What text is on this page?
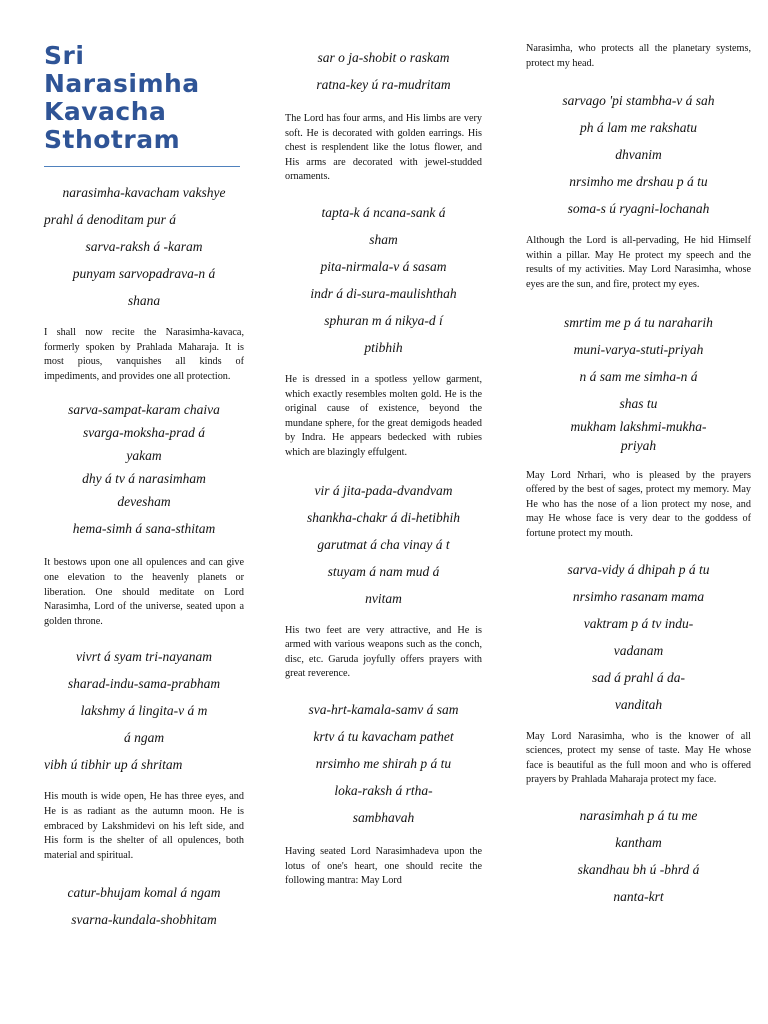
Sri Narasimha Kavacha Sthotram
narasimha-kavacham vakshye
prahl á denoditam pur á
sarva-raksh á -karam
punyam sarvopadrava-n á
shana

I shall now recite the Narasimha-kavaca, formerly spoken by Prahlada Maharaja. It is most pious, vanquishes all kinds of impediments, and provides one all protection.

sarva-sampat-karam chaiva
svarga-moksha-prad á
yakam
dhy á tv á narasimham
devesham
hema-simh á sana-sthitam

It bestows upon one all opulences and can give one elevation to the heavenly planets or liberation. One should meditate on Lord Narasimha, Lord of the universe, seated upon a golden throne.

vivrt á syam tri-nayanam
sharad-indu-sama-prabham
lakshmy á lingita-v á m
á ngam
vibh ú tibhir up á shritam

His mouth is wide open, He has three eyes, and He is as radiant as the autumn moon. He is embraced by Lakshmidevi on his left side, and His form is the shelter of all opulences, both material and spiritual.

catur-bhujam komal á ngam
svarna-kundala-shobhitam
sar o ja-shobit o raskam
ratna-key ú ra-mudritam

The Lord has four arms, and His limbs are very soft. He is decorated with golden earrings. His chest is resplendent like the lotus flower, and His arms are decorated with jewel-studded ornaments.

tapta-k á ncana-sank á
sham
pita-nirmala-v á sasam
indr á di-sura-maulishthah
sphuran m á nikya-d í
ptibhih

He is dressed in a spotless yellow garment, which exactly resembles molten gold. He is the original cause of existence, beyond the mundane sphere, for the great demigods headed by Indra. He appears bedecked with rubies which are blazingly effulgent.

vir á jita-pada-dvandvam
shankha-chakr á di-hetibhih
garutmat á cha vinay á t
stuyam á nam mud á
nvitam

His two feet are very attractive, and He is armed with various weapons such as the conch, disc, etc. Garuda joyfully offers prayers with great reverence.

sva-hrt-kamala-samv á sam
krtv á tu kavacham pathet
nrsimho me shirah p á tu
loka-raksh á rtha-
sambhavah

Having seated Lord Narasimhadeva upon the lotus of one's heart, one should recite the following mantra: May Lord

Narasimha, who protects all the planetary systems, protect my head.

sarvago 'pi stambha-v á sah
ph á lam me rakshatu
dhvanim
nrsimho me drshau p á tu
soma-s ú ryagni-lochanah

Although the Lord is all-pervading, He hid Himself within a pillar. May He protect my speech and the results of my activities. May Lord Narasimha, whose eyes are the sun, and fire, protect my eyes.

smrtim me p á tu naraharih
muni-varya-stuti-priyah
n á sam me simha-n á
shas tu
mukham lakshmi-mukha-
priyah

May Lord Nrhari, who is pleased by the prayers offered by the best of sages, protect my memory. May He who has the nose of a lion protect my nose, and may He whose face is very dear to the goddess of fortune protect my mouth.

sarva-vidy á dhipah p á tu
nrsimho rasanam mama
vaktram p á tv indu-
vadanam
sad á prahl á da-
vanditah

May Lord Narasimha, who is the knower of all sciences, protect my sense of taste. May He whose face is beautiful as the full moon and who is offered prayers by Prahlada Maharaja protect my face.

narasimhah p á tu me
kantham
skandhau bh ú -bhrd á
nanta-krt
